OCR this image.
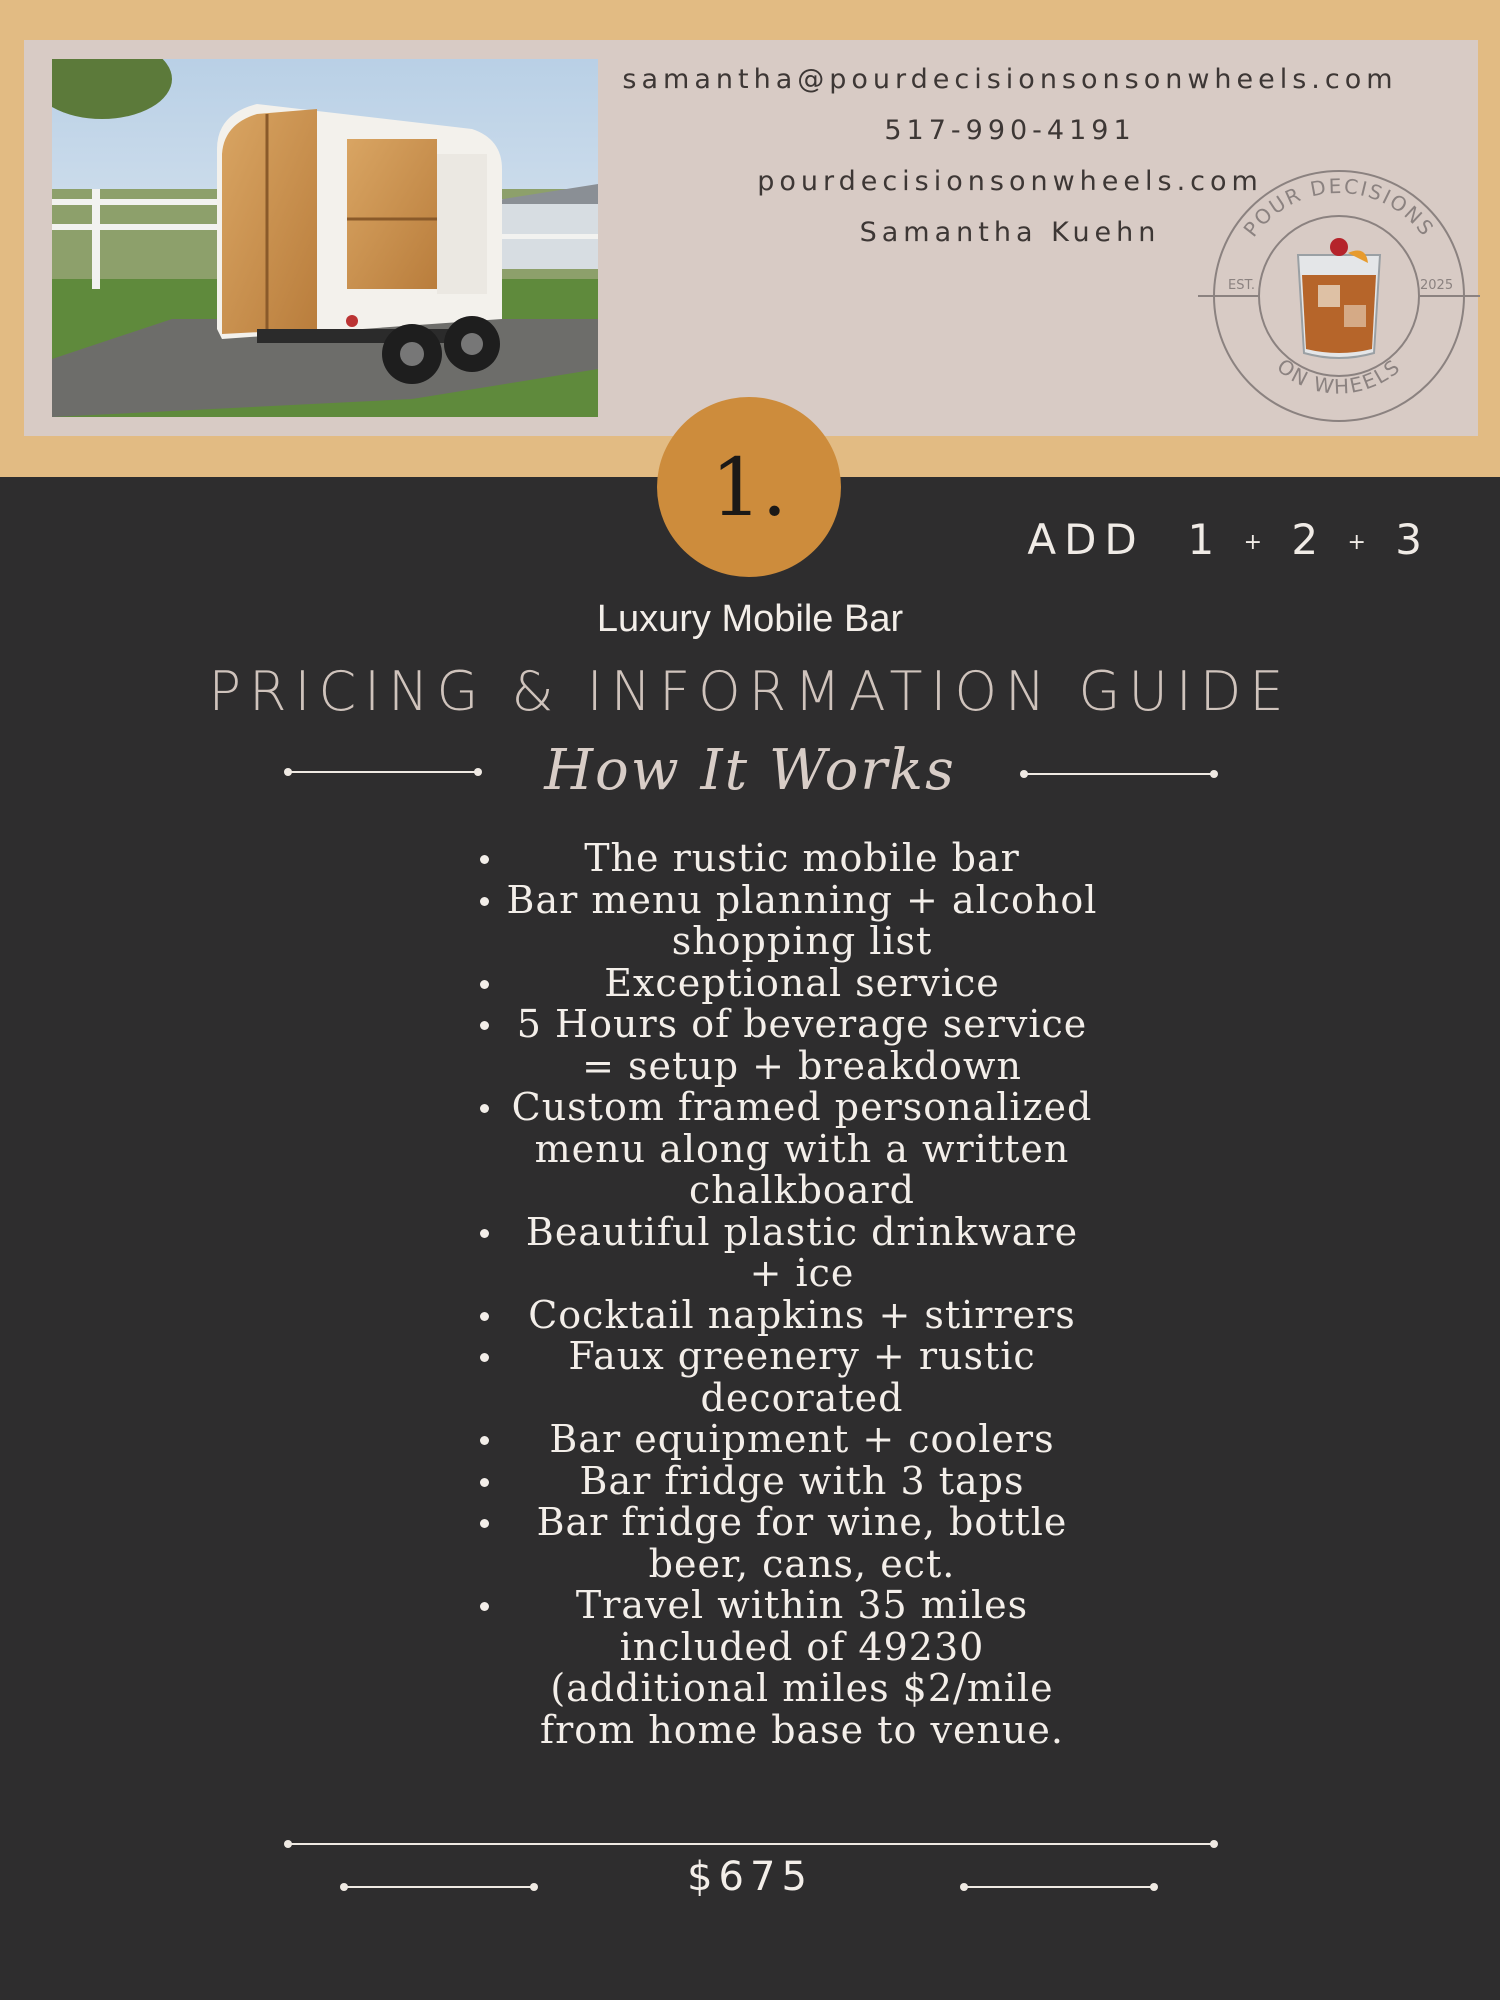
samantha@pourdecisionsonsonwheels.com
517-990-4191
pourdecisionsonwheels.com
Samantha Kuehn	POUR DECISIONS
ON WHEELS
EST.	2025
1.
ADD 1 + 2 + 3
Luxury Mobile Bar
PRICING & INFORMATION GUIDE
How It Works
The rustic mobile bar
Bar menu planning + alcohol shopping list
Exceptional service
5 Hours of beverage service = setup + breakdown
Custom framed personalized menu along with a written chalkboard
Beautiful plastic drinkware + ice
Cocktail napkins + stirrers
Faux greenery + rustic decorated
Bar equipment + coolers
Bar fridge with 3 taps
Bar fridge for wine, bottle beer, cans, ect.
Travel within 35 miles included of 49230 (additional miles $2/mile from home base to venue.
$675
